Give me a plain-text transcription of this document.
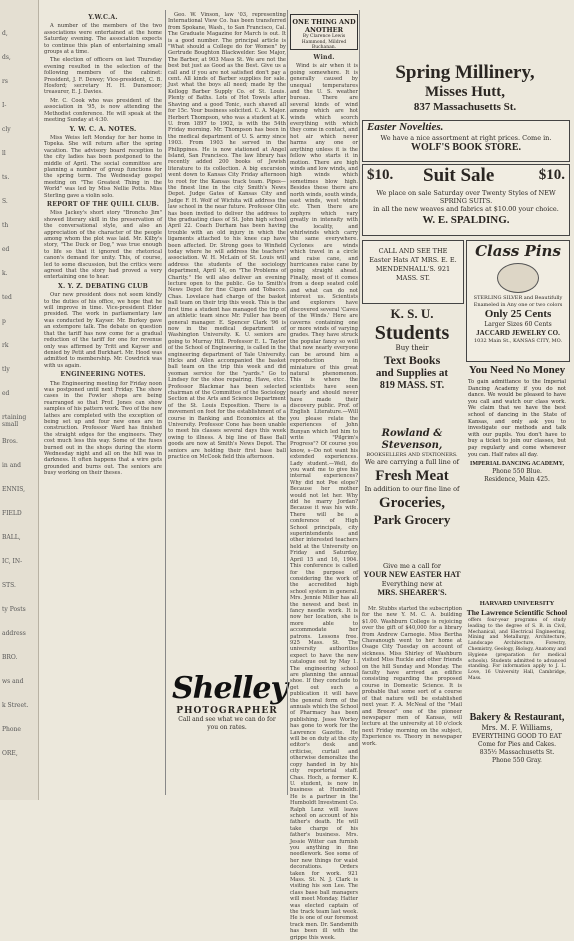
d,
ds,
rs
I-
cly
ll
ts.
S.
th
ed
k.
ted
p
rk
tly
ed
rtaining small
Bros.
in and
ENNIS,
FIELD
BALL,
IC, IN-
STS.
ty Posts
address
BRO.
ws and
k Street.
Phone
ORE,
Y.W.C.A.
A number of the members of the two associations were entertained at the home Saturday evening. The association expects to continue this plan of entertaining small groups at a time.
The election of officers on last Thursday evening resulted in the selection of the following members of the cabinet: President, J. F. Dewey; Vice-president, C. B. Hosford; secretary H. H. Dunsmoor; treasurer, E. J. Davies.
Mr. C. Cook who was president of the association in '95, is now attending the Methodist conference. He will speak at the meeting Sunday at 4:30.
Y. W. C. A. NOTES.
Miss Weiss left Monday for her home in Topeka. She will return after the spring vacation. The advisory board reception to the city ladies has been postponed to the middle of April. The social committee are planning a number of group functions for the spring term. The Wednesday gospel meeting on "The Greatest Thing in the World" was led by Miss Nellie Potts. Miss Sterling gave a violin solo.
REPORT OF THE QUILL CLUB.
Miss Jackey's short story "Broncho Jim" showed literary skill in the preservation of the conversational style, and also an appreciation of the character of the people among whom the plot was laid. Mr. Kilby's story, "The Duck or Dog," was true enough to life so that it ignored the rhetorical canon's demand for unity. This, of course, led to some discussion, but the critics were agreed that the story had proved a very entertaining one to hear.
X. Y. Z. DEBATING CLUB
Our new president does not seem kindly to the duties of his office, we hope that he will improve in time. Vice-president Elder presided. The work in parliamentary law was conducted by Kayser. Mr. Burkey gave an extempore talk. The debate on question that the tariff has now come for a gradual reduction of the tariff for one for revenue only was affirmed by Tritt and Kayser and denied by Petit and Burkhart. Mr. Hood was admitted to membership. Mr. Cowdrick was with us again.
ENGINEERING NOTES.
The Engineering meeting for Friday noon was postponed until next Friday. The show cases in the Fowler shops are being rearranged so that Prof. Jones can show samples of his pattern work. Two of the new lathes are completed with the exception of being set up and four new ones are in construction. Professor Ward has finished the straight edges for the engineers. They cost much less this way. Some of the fuses burned out in the shops during the storm Wednesday night and all on the hill was in darkness. It often happens that a wire gets grounded and burns out. The seniors are busy working on their theses.
Geo. W. Vinson, law '03, representing International View Co. has been transferred from Spokane, Wash., to San Francisco, Cal. The Graduate Magazine for March is out. It is a good number. The principal article is "What should a College do for Women" by Gertrude Boughton Blackwelder. See Major, The Barber, at 903 Mass St. We are not the best but just as Good as the Best. Give us a call and if you are not satisfied don't pay a cent. All kinds of Barber supplies for sale. Just what the boys all need; made by the Kellogg Barber Supply Co. of St. Louis. Plenty of Baths. Lots of Hot Towels after Shaving and a good Tonic, such shaved all for 15c. Your business solicited. C. A. Major. Herbert Thompson, who was a student at K. U. from 1897 to 1902, is with the 54th Friday morning. Mr. Thompson has been in the medical department of U. S. army since 1903. From 1903 he served in the Philippines. He is now stationed at Angel Island, San Francisco. The law library has recently added 200 books of Jewish literature to its collection. A big excursion went down to Kansas City Friday afternoon to root for the Kansas track team. Pipes—the finest line in the city Smith's News Depot. Judge Gates of Kansas City and Judge F. H. Wolf of Wichita will address the law school in the near future. Professor Olin has been invited to deliver the address to the graduating class of St. John high school April 22. Coach Durham has been having trouble with an old injury in which the ligaments attached to his knee cap have been affected. Dr. Strong goes to Winfield today where he will address the teachers' association. W. H. McLain of St. Louis will address the students of the sociology department, April 14, on "The Problems of Charity." He will also deliver an evening lecture open to the public. Go to Smith's News Depot for fine Cigars and Tobacco. Chas. Lovelace had charge of the basket ball team on their trip this week. This is the first time a student has managed the trip of an athletic team since Mr. Fuller has been general manager. E. Spencer Clark '96 is now in the medical department of Washington University. K. U. seniors are going to Murray Hill. Professor E. L. Taylor of the School of Engineering, is called in the engineering department of Yale University. Hicks and Allen accompanied the basket ball team on the trip this week and did yeoman service for the "yards." Go to Lindsey for the shoe repairing. Have, etcc. Professor Blackmar has been selected chairman of the Committee of the Sociology Section at the Arts and Science Department of the St. Louis Exposition. There is a movement on foot for the establishment of a course in Banking and Economics at the University. Professor Cone has been unable to meet his classes several days this week owing to illness. A big line of Base Ball goods are now at Smith's News Depot. The seniors are holding their first base ball practice on McCook field this afternoon.
Shelley
PHOTOGRAPHER
Call and see what we can do for you on rates.
ONE THING AND ANOTHER
By Clarence Lewis Hammond, Mildred Buchanan.
Wind.
Wind is air when it is going somewhere. It is generally caused by unequal temperatures and the U. S. weather bureau. There are several kinds of wind among which are hot winds which scorch everything with which they come in contact, and hot air which never harms any one or anything unless it is the fellow who starts it in motion. There are high winds and low winds, and high winds which sometimes blow high. Besides these there are north winds, south winds, east winds, west winds etc. Then there are zephyrs which vary greatly in intensity with the locality, and whirlwinds which carry the same everywhere. Cyclones are winds which travel in a circle and raise cane, and hurricanes raise cane by going straight ahead. Finally, most of it comes from a deep seated cold and what can do not interest us. Scientists and explorers have discovered several 'Caves of the Winds.' Here are caverns containing one or more winds of varying grades. They have struck the popular fancy so well that now nearly everyone can be around him a reproduction in miniature of this great natural phenomenon. This is where the scientists have seen nearly and should never have made their discovery public. Prof. of English Literature.—Will you please relate the experiences of John Bunyan which led him to write "Pilgrim's Progress"? Of course you know, s--Do not want his extended experiences. Lady student.—Well, do you want me to give his internal experiences? Why did not Poe elope? Because her mother would not let her. Why did he marry Jordan? Because it was his wife. There will be a conference of High School principals, city superintendents and other interested teachers held at the University on Friday and Saturday, April 15 and 16, 1904. This conference is called for the purpose of considering the work of the accredited high school system in general. Mrs. Jennie Miller has all the newest and best in fancy needle work. It is now her location, she is more able to accommodate her patrons. Lessons free. 925 Mass. St. The university authorities expect to have the new catalogue out by May 1. The engineering school are planning the annual shoe. If they conclude to get out such a publication it will have the general form of the annuals which the School of Pharmacy has been publishing. Jesse Worley has gone to work for the Lawrence Gazette. He will be on duty at the city editor's desk and criticise, curtail and otherwise demoralize the copy handed in by his city reportorial staff. Chas. Hoch, a former K. U. student, is now in business at Humboldt. He is a partner in the Humboldt Investment Co. Ralph Lenz will leave school on account of his father's death. He will take charge of his father's business. Mrs. Jessie Witter can furnish you anything in fine needlework. See some of her new things for waist decorations. Orders taken for work. 921 Mass. St. N. J. Clark is visiting his son Lee. The class base ball managers will meet Monday. Hatter was elected captain of the track team last week. He is one of our foremost track men. Dr. Sandsmith has been ill with the grippe this week.
Spring Millinery,
Misses Hutt,
837 Massachusetts St.
Easter Novelties.
We have a nice assortment at right prices. Come in.
WOLF'S BOOK STORE.
$10. Suit Sale	$10.
We place on sale Saturday over Twenty Styles of NEW SPRING SUITS.
in all the new weaves and fabrics at $10.00 your choice.
W. E. SPALDING.
CALL AND SEE THE Easter Hats AT MRS. E. E. MENDENHALL'S. 921 MASS. ST.
K. S. U.
Students
Buy their
Text Books
and Supplies at
819 MASS. ST.
Rowland & Stevenson,
BOOKSELLERS AND STATIONERS.
We are carrying a full line of
Fresh Meat
In addition to our fine line of
Groceries,
Park Grocery
Give me a call for
YOUR NEW EASTER HAT
Everything new at
MRS. SHEARER'S.
Mr. Stubbs started the subscription for the new Y. M. C. A. building $1.00. Washburn College is rejoicing over the gift of $40,000 for a library from Andrew Carnegie. Miss Bertha Chavanough went to her home at Osage City Tuesday on account of sickness. Miss Shirley of Washburn visited Miss Ruckle and other friends on the hill Sunday and Monday. The faculty have arrived an edifice consisting regarding the proposed course in Domestic Science. It is probable that some sort of a course of that nature will be established next year. F. A. McNeal of the "Mail and Breeze" one of the pioneer newspaper men of Kansas, will lecture at the university at 10 o'clock next Friday morning on the subject, Experience vs. Theory in newspaper work.
Class Pins
STERLING SILVER and Beautifully Enameled in Any one or two colors
Only 25 Cents
Larger Sizes 60 Cents
JACCARD JEWELRY CO.
1032 Main St., KANSAS CITY, MO.
You Need No Money
To gain admittance to the Imperial Dancing Academy if you do not dance. We would be pleased to have you call and watch our class work. We claim that we have the best school of dancing in the State of Kansas, and only ask you to investigate our methods and talk with our pupils. You don't have to buy a ticket to join our classes, but pay regularly and come whenever you can. Half rates all day.
IMPERIAL DANCING ACADEMY,
Phone 550 Blue.
Residence, Main 425.
HARVARD UNIVERSITY
The Lawrence Scientific School
offers four-year programs of study leading to the degree of S. B. in Civil, Mechanical, and Electrical Engineering, Mining and Metallurgy, Architecture, Landscape Architecture, Forestry, Chemistry, Geology, Biology, Anatomy and Hygiene (preparation for medical schools). Students admitted to advanced standing. For information apply to J. L. Love, 16 University Hall, Cambridge, Mass.
Bakery & Restaurant,
Mrs. M. F. Williams,
EVERYTHING GOOD TO EAT
Come for Pies and Cakes.
835½ Massachusetts St.
Phone 550 Gray.
